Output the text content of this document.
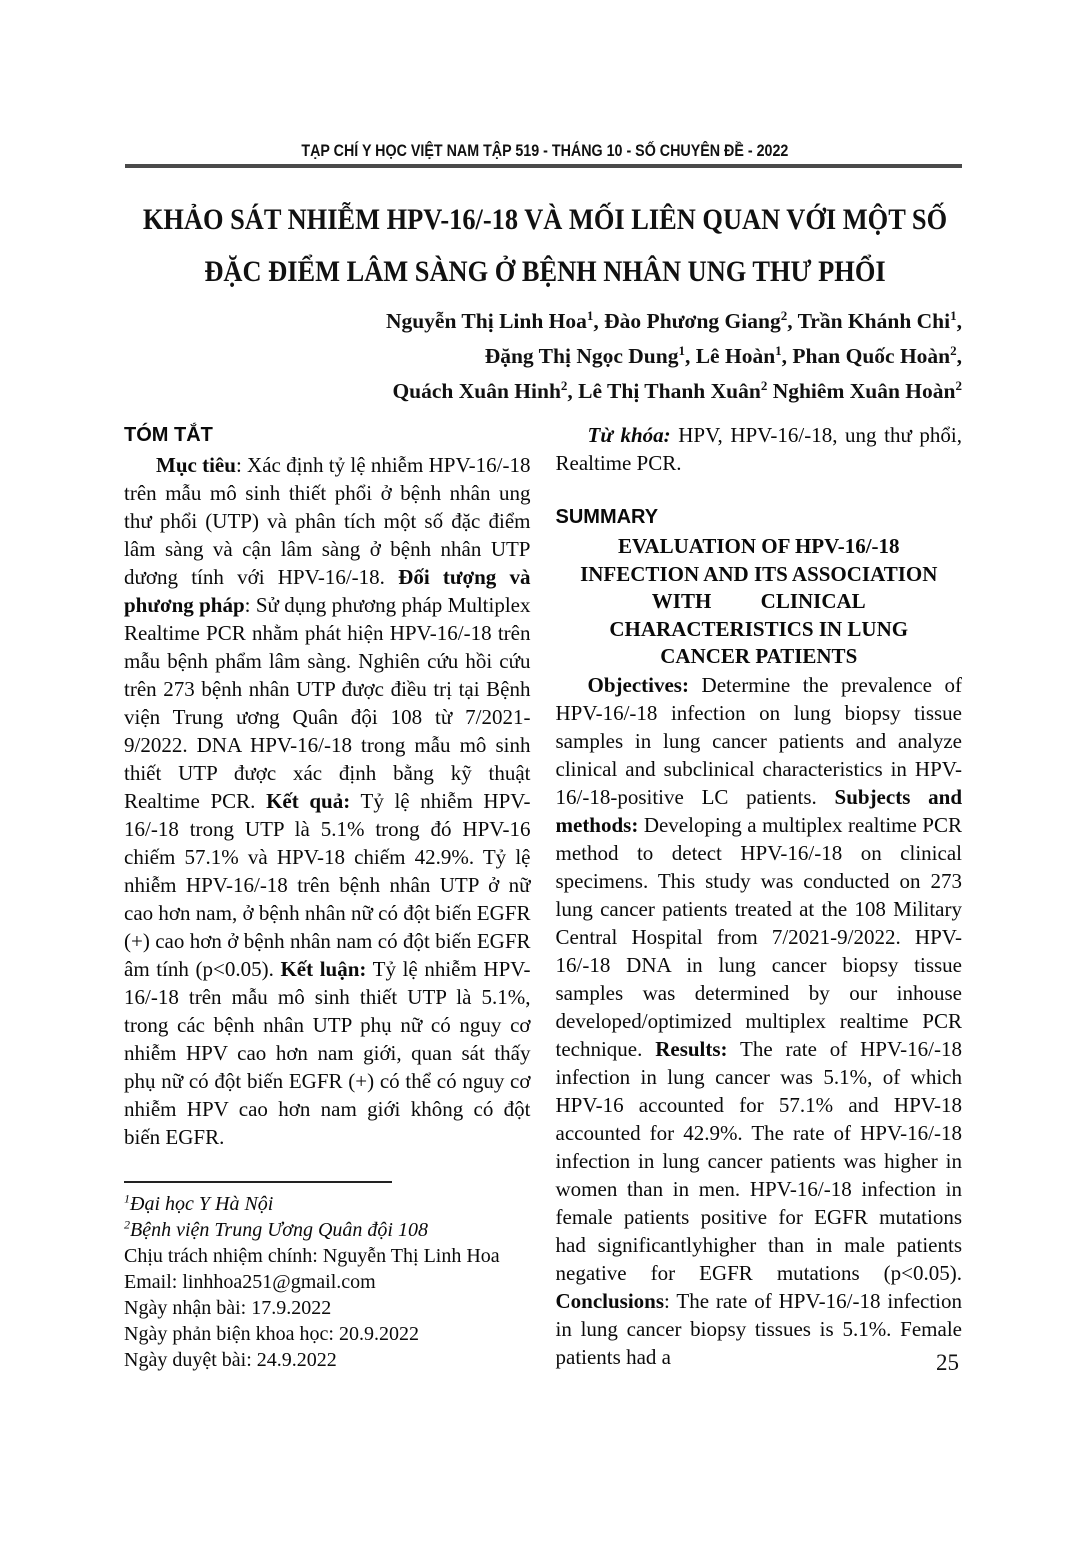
TẠP CHÍ Y HỌC VIỆT NAM TẬP 519 - THÁNG 10 - SỐ CHUYÊN ĐỀ - 2022
KHẢO SÁT NHIỄM HPV-16/-18 VÀ MỐI LIÊN QUAN VỚI MỘT SỐ
ĐẶC ĐIỂM LÂM SÀNG Ở BỆNH NHÂN UNG THƯ PHỔI
Nguyễn Thị Linh Hoa$^1$, Đào Phương Giang$^2$, Trần Khánh Chi$^1$,
Đặng Thị Ngọc Dung$^1$, Lê Hoàn$^1$, Phan Quốc Hoàn$^2$,
Quách Xuân Hinh$^2$, Lê Thị Thanh Xuân$^2$ Nghiêm Xuân Hoàn$^2$
TÓM TẮT

Mục tiêu: Xác định tỷ lệ nhiễm HPV-16/-18 trên mẫu mô sinh thiết phổi ở bệnh nhân ung thư phổi (UTP) và phân tích một số đặc điểm lâm sàng và cận lâm sàng ở bệnh nhân UTP dương tính với HPV-16/-18. Đối tượng và phương pháp: Sử dụng phương pháp Multiplex Realtime PCR nhằm phát hiện HPV-16/-18 trên mẫu bệnh phẩm lâm sàng. Nghiên cứu hồi cứu trên 273 bệnh nhân UTP được điều trị tại Bệnh viện Trung ương Quân đội 108 từ 7/2021-9/2022. DNA HPV-16/-18 trong mẫu mô sinh thiết UTP được xác định bằng kỹ thuật Realtime PCR. Kết quả: Tỷ lệ nhiễm HPV-16/-18 trong UTP là 5.1% trong đó HPV-16 chiếm 57.1% và HPV-18 chiếm 42.9%. Tỷ lệ nhiễm HPV-16/-18 trên bệnh nhân UTP ở nữ cao hơn nam, ở bệnh nhân nữ có đột biến EGFR (+) cao hơn ở bệnh nhân nam có đột biến EGFR âm tính (p<0.05). Kết luận: Tỷ lệ nhiễm HPV-16/-18 trên mẫu mô sinh thiết UTP là 5.1%, trong các bệnh nhân UTP phụ nữ có nguy cơ nhiễm HPV cao hơn nam giới, quan sát thấy phụ nữ có đột biến EGFR (+) có thể có nguy cơ nhiễm HPV cao hơn nam giới không có đột biến EGFR.

$^1$Đại học Y Hà Nội
$^2$Bệnh viện Trung Ương Quân đội 108
Chịu trách nhiệm chính: Nguyễn Thị Linh Hoa
Email: linhhoa251@gmail.com
Ngày nhận bài: 17.9.2022
Ngày phản biện khoa học: 20.9.2022
Ngày duyệt bài: 24.9.2022

Từ khóa: HPV, HPV-16/-18, ung thư phổi, Realtime PCR.

SUMMARY
EVALUATION OF HPV-16/-18
INFECTION AND ITS ASSOCIATION
WITH CLINICAL
CHARACTERISTICS IN LUNG
CANCER PATIENTS

Objectives: Determine the prevalence of HPV-16/-18 infection on lung biopsy tissue samples in lung cancer patients and analyze clinical and subclinical characteristics in HPV-16/-18-positive LC patients. Subjects and methods: Developing a multiplex realtime PCR method to detect HPV-16/-18 on clinical specimens. This study was conducted on 273 lung cancer patients treated at the 108 Military Central Hospital from 7/2021-9/2022. HPV-16/-18 DNA in lung cancer biopsy tissue samples was determined by our inhouse developed/optimized multiplex realtime PCR technique. Results: The rate of HPV-16/-18 infection in lung cancer was 5.1%, of which HPV-16 accounted for 57.1% and HPV-18 accounted for 42.9%. The rate of HPV-16/-18 infection in lung cancer patients was higher in women than in men. HPV-16/-18 infection in female patients positive for EGFR mutations had significantlyhigher than in male patients negative for EGFR mutations (p<0.05). Conclusions: The rate of HPV-16/-18 infection in lung cancer biopsy tissues is 5.1%. Female patients had a	25
